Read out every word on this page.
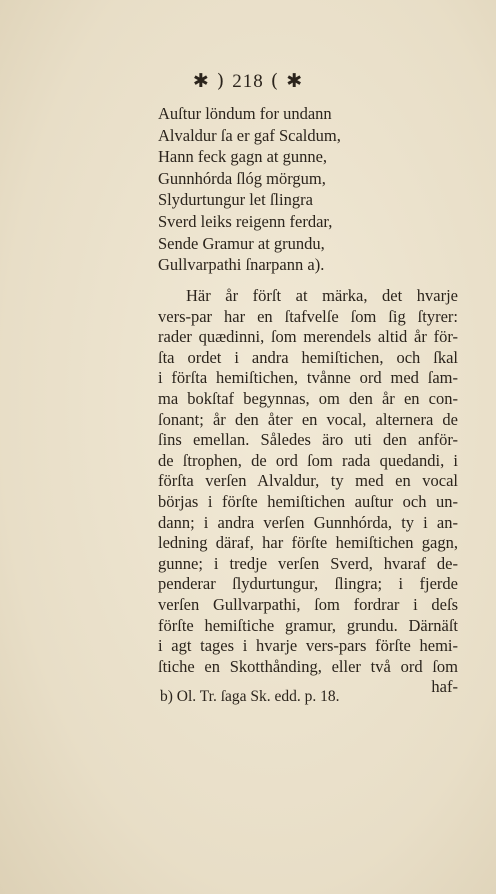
✱ ) 218 ( ✱
Auſtur löndum for undann
Alvaldur ſa er gaf Scaldum,
Hann feck gagn at gunne,
Gunnhórda ſlóg mörgum,
Slydurtungur let ſlingra
Sverd leiks reigenn ferdar,
Sende Gramur at grundu,
Gullvarpathi ſnarpann a).
Här år förſt at märka, det hvarje
vers-par har en ſtafvelſe ſom ſig ſtyrer:
rader quædinni, ſom merendels altid år för-
ſta ordet i andra hemiſtichen, och ſkal
i förſta hemiſtichen, tvånne ord med ſam-
ma bokſtaf begynnas, om den år en con-
ſonant; år den åter en vocal, alternera de
ſins emellan. Således äro uti den anför-
de ſtrophen, de ord ſom rada quedandi, i
förſta verſen Alvaldur, ty med en vocal
börjas i förſte hemiſtichen auſtur och un-
dann; i andra verſen Gunnhórda, ty i an-
ledning däraf, har förſte hemiſtichen gagn,
gunne; i tredje verſen Sverd, hvaraf de-
penderar ſlydurtungur, ſlingra; i fjerde
verſen Gullvarpathi, ſom fordrar i deſs
förſte hemiſtiche gramur, grundu. Därnäſt
i agt tages i hvarje vers-pars förſte hemi-
ſtiche en Skotthånding, eller två ord ſom
haf-
b) Ol. Tr. ſaga Sk. edd. p. 18.
